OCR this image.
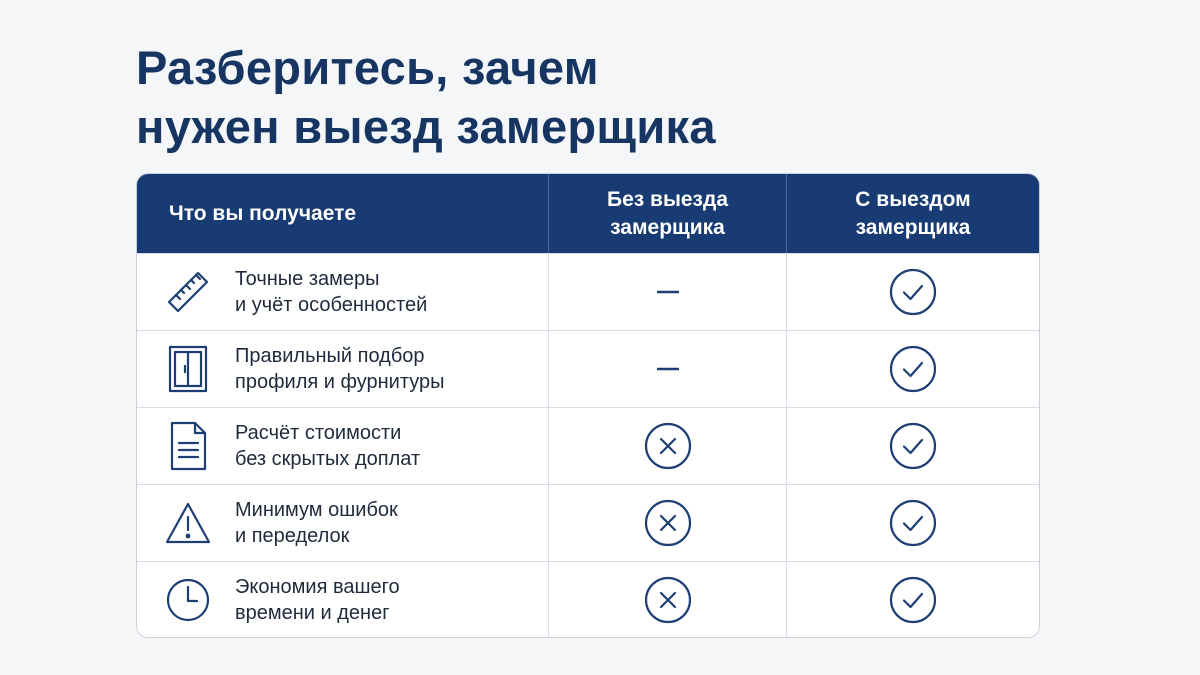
Разберитесь, зачем
нужен выезд замерщика
Что вы получаете
Без выезда
замерщика
С выездом
замерщика
Точные замеры
и учёт особенностей
Правильный подбор
профиля и фурнитуры
Расчёт стоимости
без скрытых доплат
Минимум ошибок
и переделок
Экономия вашего
времени и денег
